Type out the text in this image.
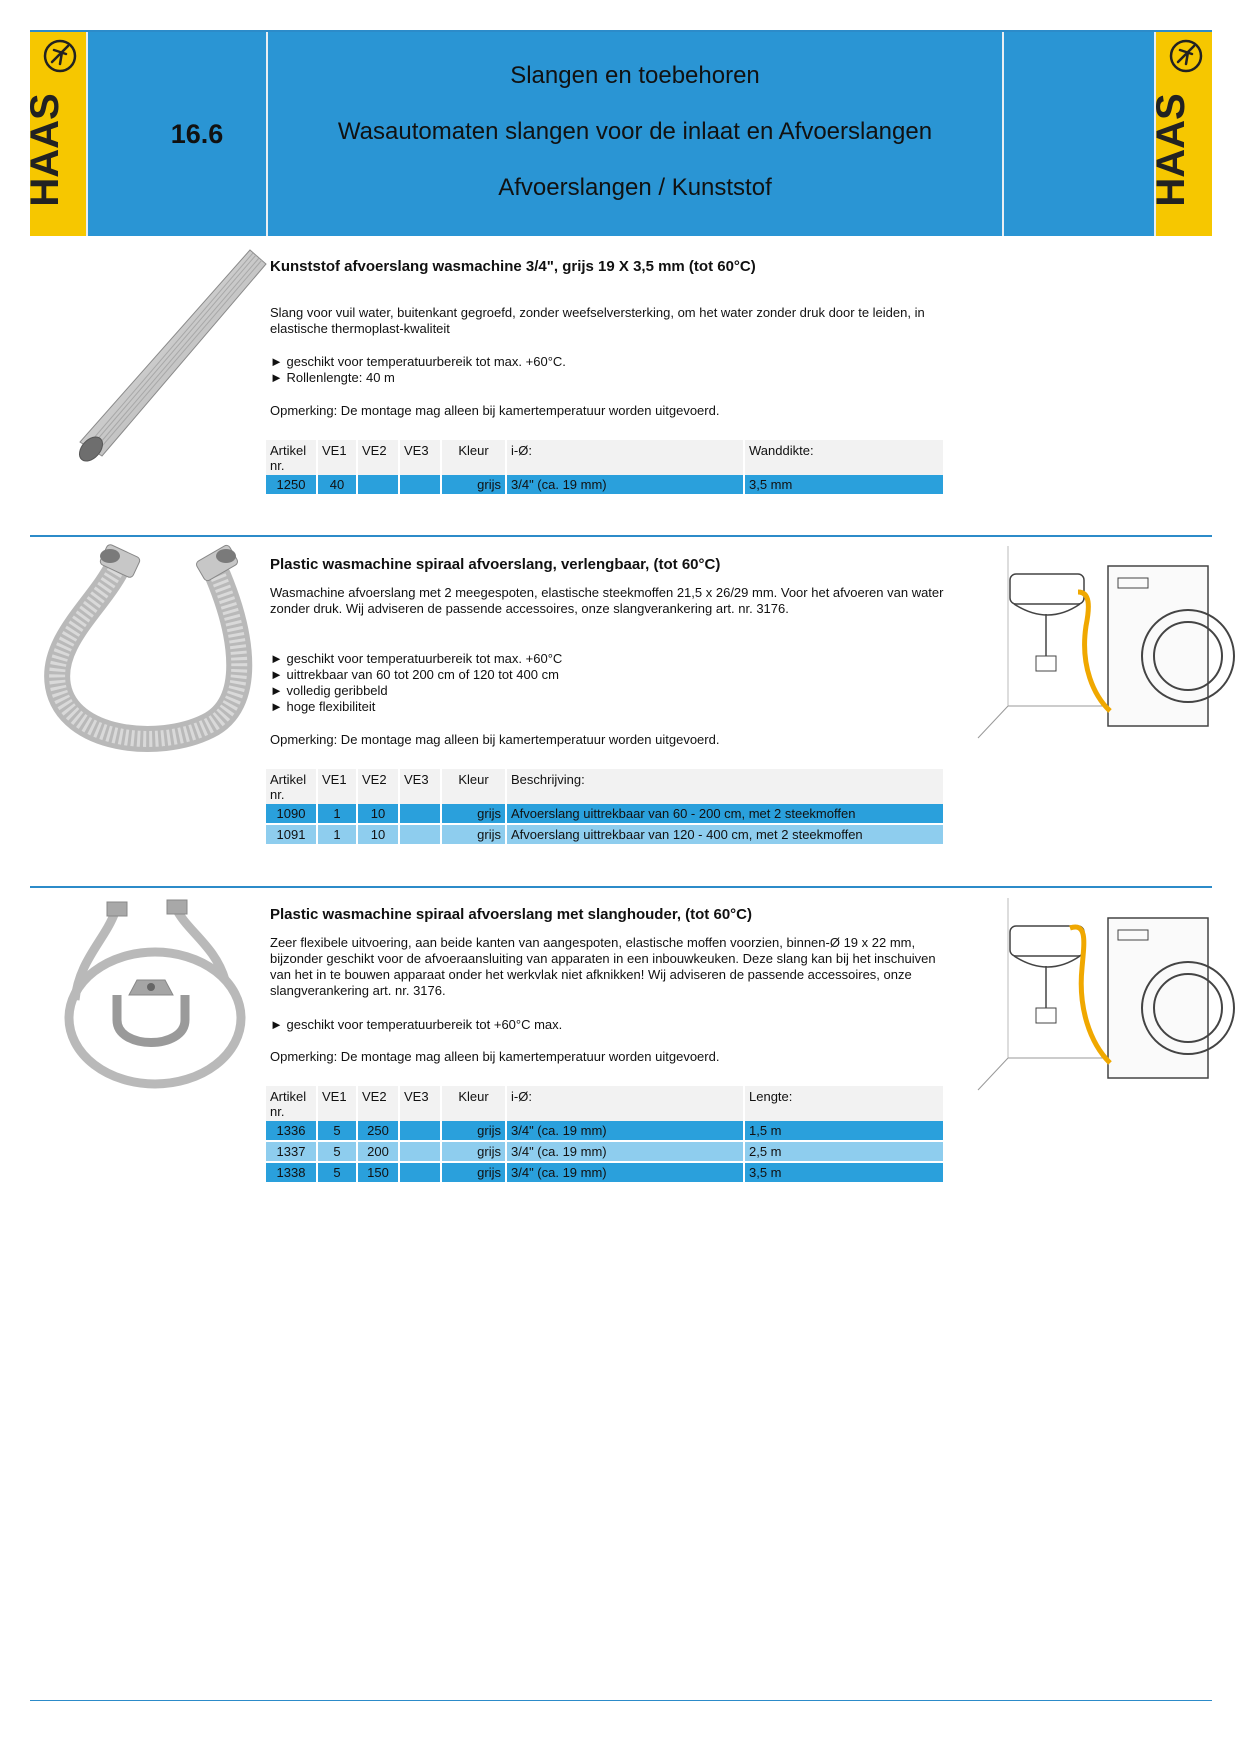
HAAS	16.6
Slangen en toebehoren
Wasautomaten slangen voor de inlaat en Afvoerslangen
Afvoerslangen / Kunststof	HAAS
Kunststof afvoerslang wasmachine 3/4", grijs 19 X 3,5 mm (tot 60°C)
Slang voor vuil water, buitenkant gegroefd, zonder weefselversterking, om het water zonder druk door te leiden, in elastische thermoplast-kwaliteit
► geschikt voor temperatuurbereik tot max. +60°C.
► Rollenlengte: 40 m
Opmerking: De montage mag alleen bij kamertemperatuur worden uitgevoerd.
Artikel nr.	VE1	VE2	VE3	Kleur	i-Ø:	Wanddikte:
1250	40			grijs	3/4" (ca. 19 mm)	3,5 mm
Plastic wasmachine spiraal afvoerslang, verlengbaar, (tot 60°C)
Wasmachine afvoerslang met 2 meegespoten, elastische steekmoffen 21,5 x 26/29 mm. Voor het afvoeren van water zonder druk. Wij adviseren de passende accessoires, onze slangverankering art. nr. 3176.
► geschikt voor temperatuurbereik tot max. +60°C
► uittrekbaar van 60 tot 200 cm of 120 tot 400 cm
► volledig geribbeld
► hoge flexibiliteit
Opmerking: De montage mag alleen bij kamertemperatuur worden uitgevoerd.
Artikel nr.	VE1	VE2	VE3	Kleur	Beschrijving:
1090	1	10		grijs	Afvoerslang uittrekbaar van 60 - 200 cm, met 2 steekmoffen
1091	1	10		grijs	Afvoerslang uittrekbaar van 120 - 400 cm, met 2 steekmoffen
Plastic wasmachine spiraal afvoerslang met slanghouder, (tot 60°C)
Zeer flexibele uitvoering, aan beide kanten van aangespoten, elastische moffen voorzien, binnen-Ø 19 x 22 mm, bijzonder geschikt voor de afvoeraansluiting van apparaten in een inbouwkeuken. Deze slang kan bij het inschuiven van het in te bouwen apparaat onder het werkvlak niet afknikken! Wij adviseren de passende accessoires, onze slangverankering art. nr. 3176.
► geschikt voor temperatuurbereik tot +60°C max.
Opmerking: De montage mag alleen bij kamertemperatuur worden uitgevoerd.
Artikel nr.	VE1	VE2	VE3	Kleur	i-Ø:	Lengte:
1336	5	250		grijs	3/4" (ca. 19 mm)	1,5 m
1337	5	200		grijs	3/4" (ca. 19 mm)	2,5 m
1338	5	150		grijs	3/4" (ca. 19 mm)	3,5 m
